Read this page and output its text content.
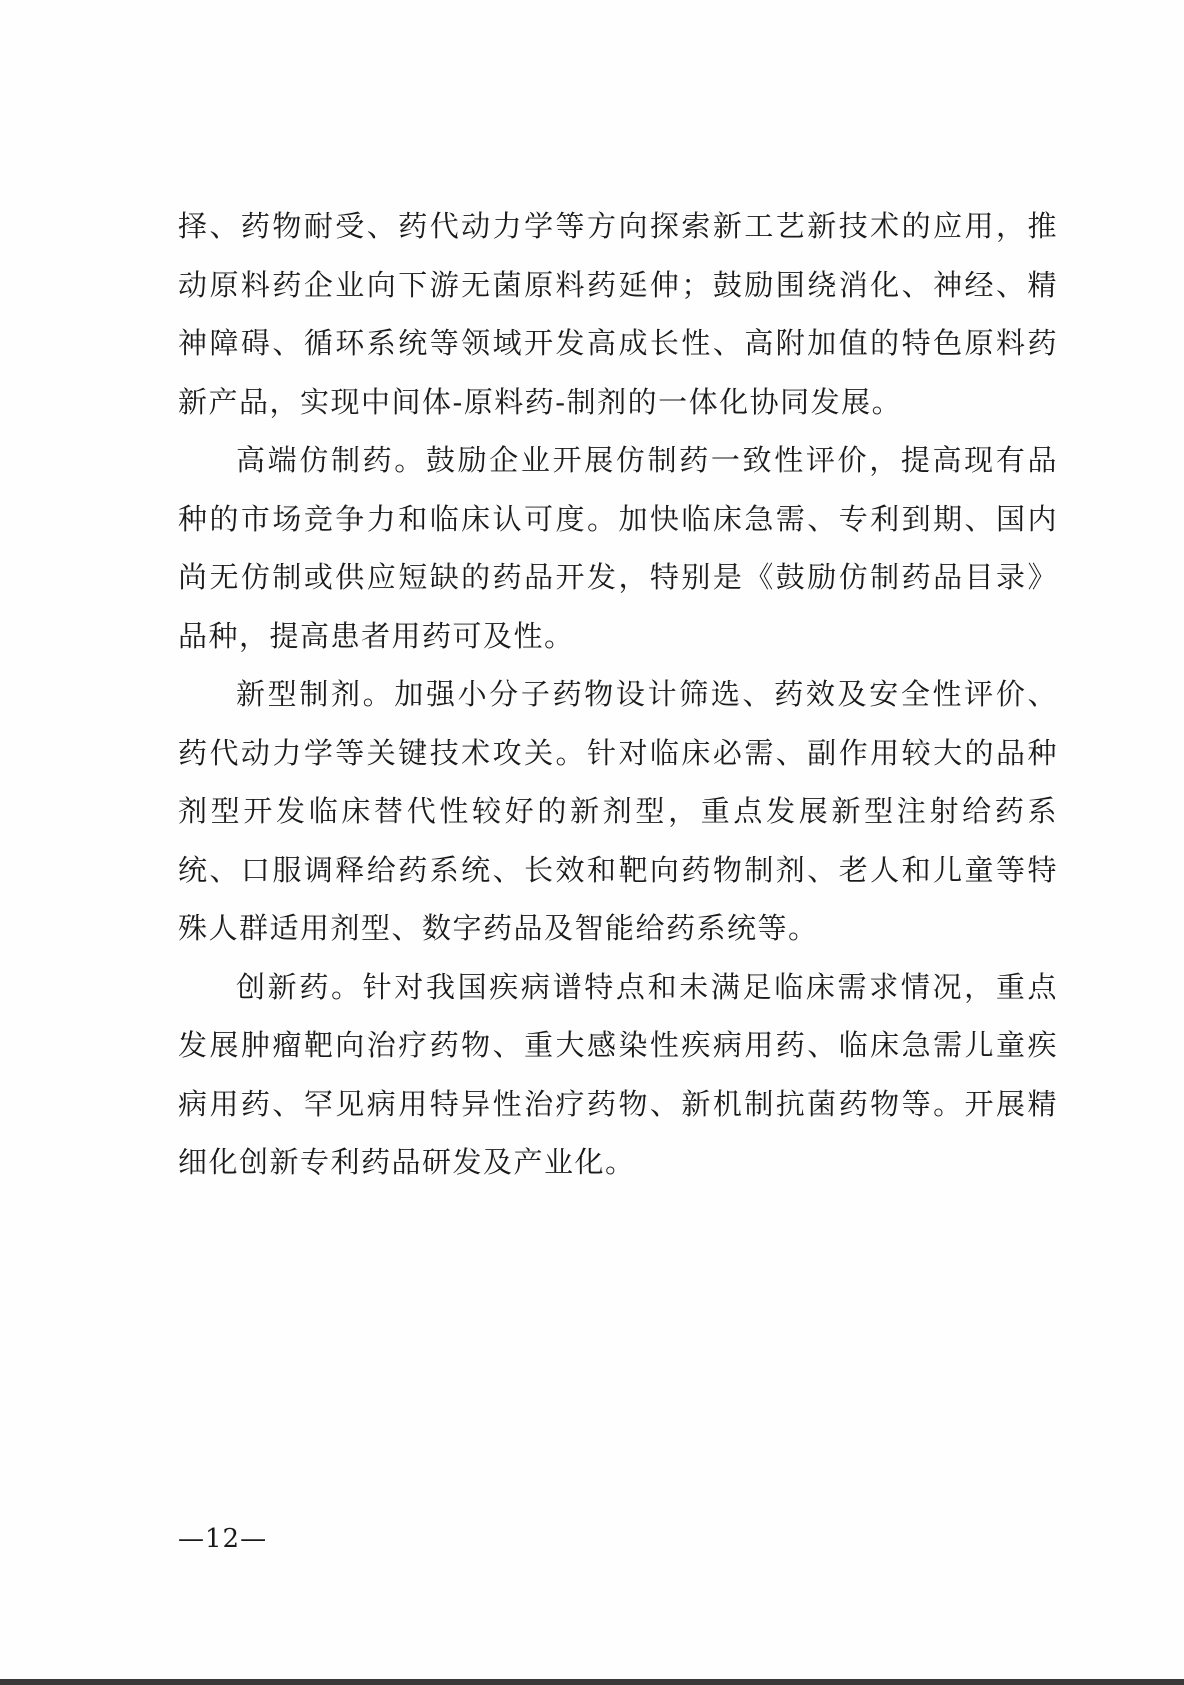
择、药物耐受、药代动力学等方向探索新工艺新技术的应用，推动原料药企业向下游无菌原料药延伸；鼓励围绕消化、神经、精神障碍、循环系统等领域开发高成长性、高附加值的特色原料药新产品，实现中间体-原料药-制剂的一体化协同发展。

高端仿制药。鼓励企业开展仿制药一致性评价，提高现有品种的市场竞争力和临床认可度。加快临床急需、专利到期、国内尚无仿制或供应短缺的药品开发，特别是《鼓励仿制药品目录》品种，提高患者用药可及性。

新型制剂。加强小分子药物设计筛选、药效及安全性评价、药代动力学等关键技术攻关。针对临床必需、副作用较大的品种剂型开发临床替代性较好的新剂型，重点发展新型注射给药系统、口服调释给药系统、长效和靶向药物制剂、老人和儿童等特殊人群适用剂型、数字药品及智能给药系统等。

创新药。针对我国疾病谱特点和未满足临床需求情况，重点发展肿瘤靶向治疗药物、重大感染性疾病用药、临床急需儿童疾病用药、罕见病用特异性治疗药物、新机制抗菌药物等。开展精细化创新专利药品研发及产业化。

—12—
